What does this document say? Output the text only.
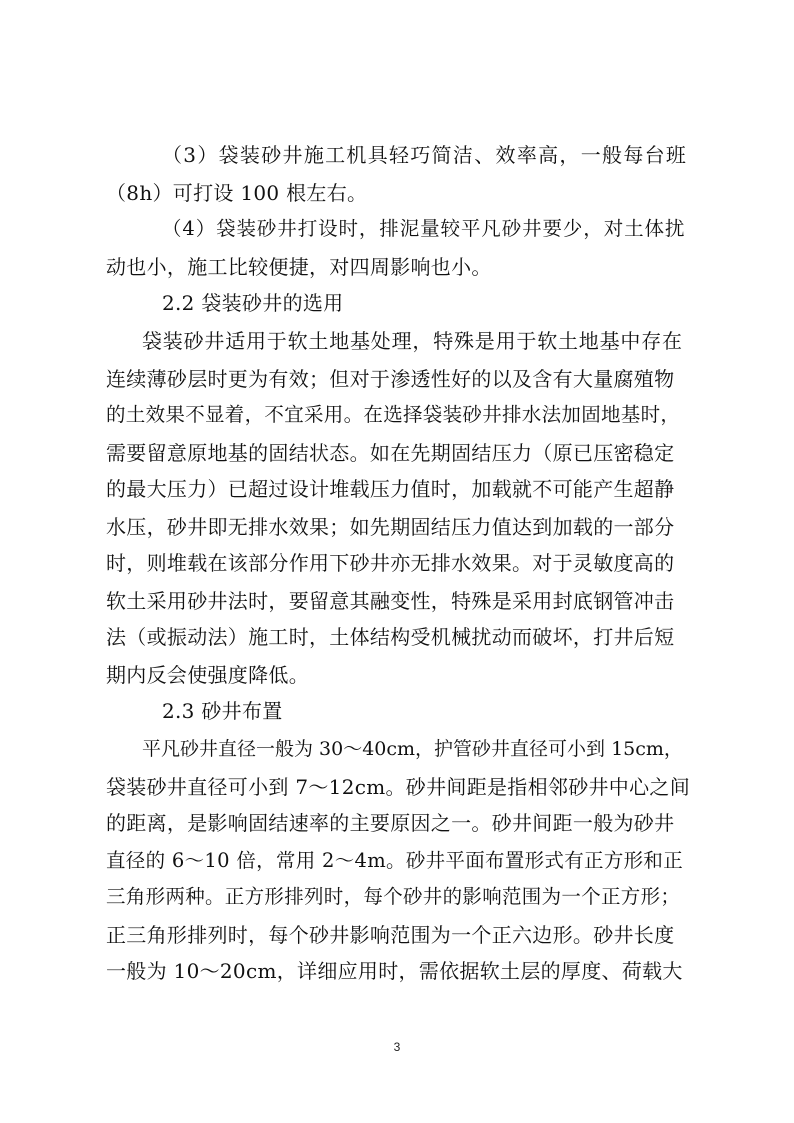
（3）袋装砂井施工机具轻巧简洁、效率高，一般每台班
（8h）可打设 100 根左右。
（4）袋装砂井打设时，排泥量较平凡砂井要少，对土体扰
动也小，施工比较便捷，对四周影响也小。
2.2 袋装砂井的选用
袋装砂井适用于软土地基处理，特殊是用于软土地基中存在
连续薄砂层时更为有效；但对于渗透性好的以及含有大量腐殖物
的土效果不显着，不宜采用。在选择袋装砂井排水法加固地基时，
需要留意原地基的固结状态。如在先期固结压力（原已压密稳定
的最大压力）已超过设计堆载压力值时，加载就不可能产生超静
水压，砂井即无排水效果；如先期固结压力值达到加载的一部分
时，则堆载在该部分作用下砂井亦无排水效果。对于灵敏度高的
软土采用砂井法时，要留意其融变性，特殊是采用封底钢管冲击
法（或振动法）施工时，土体结构受机械扰动而破坏，打井后短
期内反会使强度降低。
2.3 砂井布置
平凡砂井直径一般为 30～40cm，护管砂井直径可小到 15cm，
袋装砂井直径可小到 7～12cm。砂井间距是指相邻砂井中心之间
的距离，是影响固结速率的主要原因之一。砂井间距一般为砂井
直径的 6～10 倍，常用 2～4m。砂井平面布置形式有正方形和正
三角形两种。正方形排列时，每个砂井的影响范围为一个正方形；
正三角形排列时，每个砂井影响范围为一个正六边形。砂井长度
一般为 10～20cm，详细应用时，需依据软土层的厚度、荷载大
3
